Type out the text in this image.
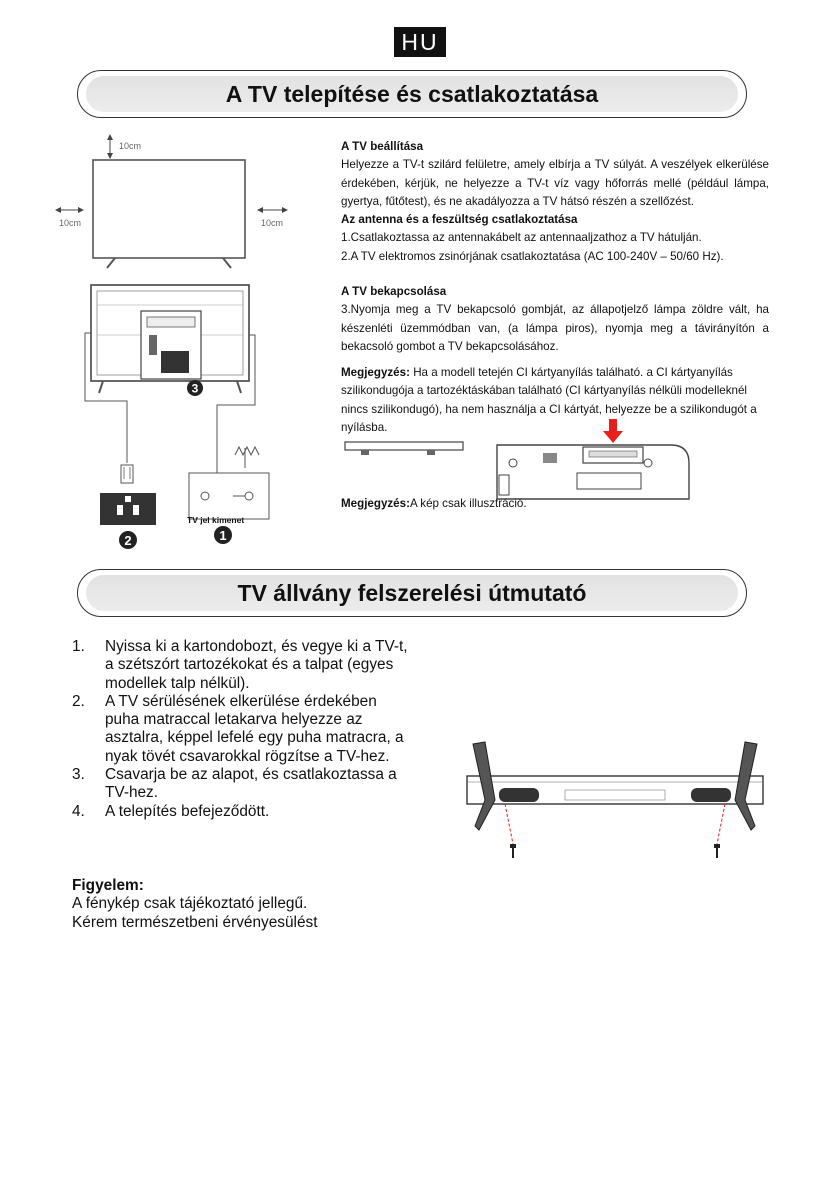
HU
A TV telepítése és csatlakoztatása
10cm
10cm	10cm
3
2	1
TV jel kimenet

A TV beállítása

Helyezze a TV-t szilárd felületre, amely elbírja a TV súlyát. A veszélyek elkerülése érdekében, kérjük, ne helyezze a TV-t víz vagy hőforrás mellé (például lámpa, gyertya, fűtőtest), és ne akadályozza a TV hátsó részén a szellőzést.

Az antenna és a feszültség csatlakoztatása

1.Csatlakoztassa az antennakábelt az antennaaljzathoz a TV hátulján.

2.A TV elektromos zsinórjának csatlakoztatása (AC 100-240V – 50/60 Hz).

A TV bekapcsolása

3.Nyomja meg a TV bekapcsoló gombját, az állapotjelző lámpa zöldre vált, ha készenléti üzemmódban van, (a lámpa piros), nyomja meg a távirányítón a bekacsoló gombot a TV bekapcsolásához.

Megjegyzés: Ha a modell tetején CI kártyanyílás található. a CI kártyanyílás szilikondugója a tartozéktáskában található (CI kártyanyílás nélküli modelleknél nincs szilikondugó), ha nem használja a CI kártyát, helyezze be a szilikondugót a nyílásba.

Megjegyzés:A kép csak illusztráció.
TV állvány felszerelési útmutató
1. Nyissa ki a kartondobozt, és vegye ki a TV-t, a szétszórt tartozékokat és a talpat (egyes modellek talp nélkül).
2. A TV sérülésének elkerülése érdekében puha matraccal letakarva helyezze az asztalra, képpel lefelé egy puha matracra, a nyak tövét csavarokkal rögzítse a TV-hez.
3. Csavarja be az alapot, és csatlakoztassa a TV-hez.
4. A telepítés befejeződött.
Figyelem:
A fénykép csak tájékoztató jellegű.
Kérem természetbeni érvényesülést
